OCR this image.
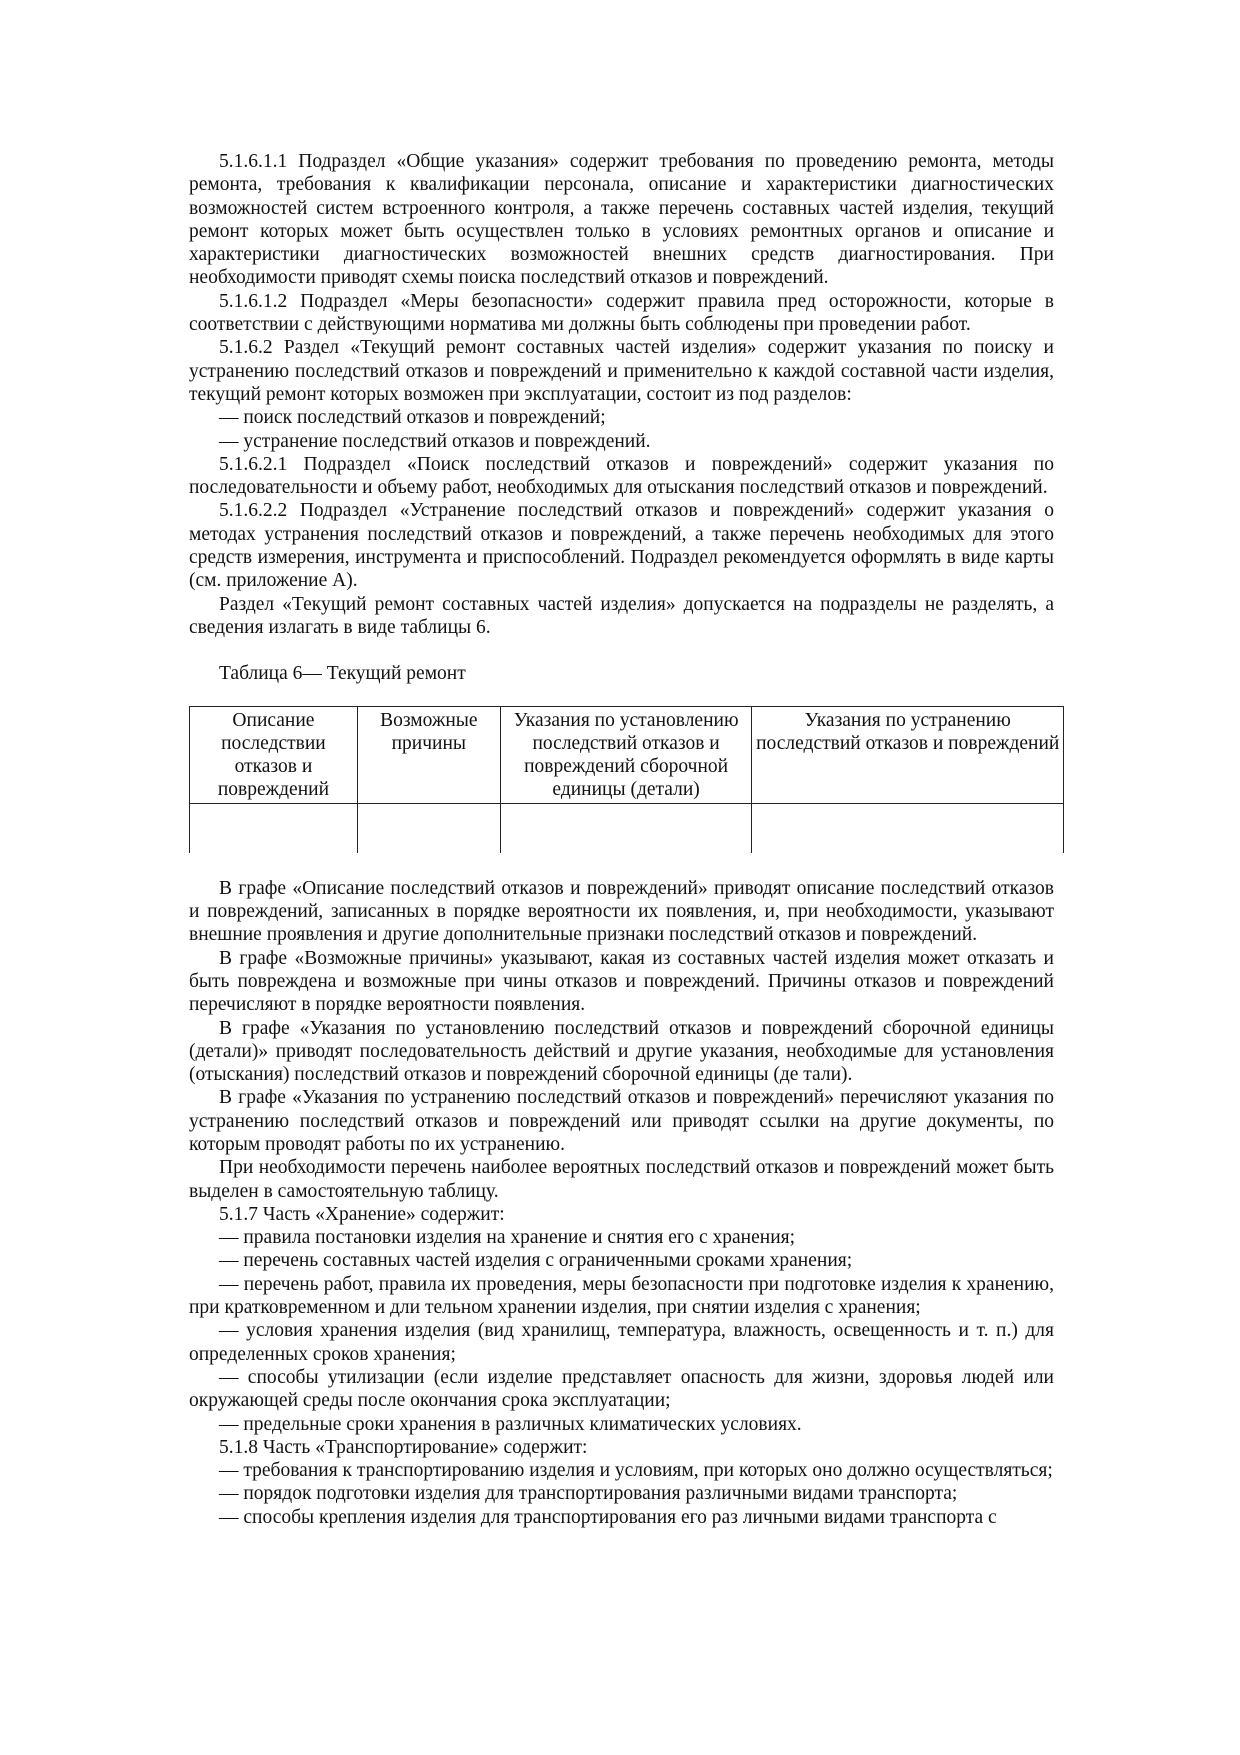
5.1.6.1.1 Подраздел «Общие указания» содержит требования по проведению ремонта, методы ремонта, требования к квалификации персонала, описание и характеристики диагностических возможностей систем встроенного контроля, а также перечень составных частей изделия, текущий ремонт которых может быть осуществлен только в условиях ремонтных органов и описание и характеристики диагностических возможностей внешних средств диагностирования. При необходимости приводят схемы поиска последствий отказов и повреждений.

5.1.6.1.2 Подраздел «Меры безопасности» содержит правила пред осторожности, которые в соответствии с действующими норматива ми должны быть соблюдены при проведении работ.

5.1.6.2 Раздел «Текущий ремонт составных частей изделия» содержит указания по поиску и устранению последствий отказов и повреждений и применительно к каждой составной части изделия, текущий ремонт которых возможен при эксплуатации, состоит из под разделов:

— поиск последствий отказов и повреждений;

— устранение последствий отказов и повреждений.

5.1.6.2.1 Подраздел «Поиск последствий отказов и повреждений» содержит указания по последовательности и объему работ, необходимых для отыскания последствий отказов и повреждений.

5.1.6.2.2 Подраздел «Устранение последствий отказов и повреждений» содержит указания о методах устранения последствий отказов и повреждений, а также перечень необходимых для этого средств измерения, инструмента и приспособлений. Подраздел рекомендуется оформлять в виде карты (см. приложение А).

Раздел «Текущий ремонт составных частей изделия» допускается на подразделы не разделять, а сведения излагать в виде таблицы 6.

Таблица 6— Текущий ремонт

Описание последствии отказов и повреждений	Возможные причины	Указания по установлению последствий отказов и повреждений сборочной единицы (детали)	Указания по устранению последствий отказов и повреждений

В графе «Описание последствий отказов и повреждений» приводят описание последствий отказов и повреждений, записанных в порядке вероятности их появления, и, при необходимости, указывают внешние проявления и другие дополнительные признаки последствий отказов и повреждений.

В графе «Возможные причины» указывают, какая из составных частей изделия может отказать и быть повреждена и возможные при чины отказов и повреждений. Причины отказов и повреждений перечисляют в порядке вероятности появления.

В графе «Указания по установлению последствий отказов и повреждений сборочной единицы (детали)» приводят последовательность действий и другие указания, необходимые для установления (отыскания) последствий отказов и повреждений сборочной единицы (де тали).

В графе «Указания по устранению последствий отказов и повреждений» перечисляют указания по устранению последствий отказов и повреждений или приводят ссылки на другие документы, по которым проводят работы по их устранению.

При необходимости перечень наиболее вероятных последствий отказов и повреждений может быть выделен в самостоятельную таблицу.

5.1.7 Часть «Хранение» содержит:

— правила постановки изделия на хранение и снятия его с хранения;

— перечень составных частей изделия с ограниченными сроками хранения;

— перечень работ, правила их проведения, меры безопасности при подготовке изделия к хранению, при кратковременном и дли тельном хранении изделия, при снятии изделия с хранения;

— условия хранения изделия (вид хранилищ, температура, влажность, освещенность и т. п.) для определенных сроков хранения;

— способы утилизации (если изделие представляет опасность для жизни, здоровья людей или окружающей среды после окончания срока эксплуатации;

— предельные сроки хранения в различных климатических условиях.

5.1.8 Часть «Транспортирование» содержит:

— требования к транспортированию изделия и условиям, при которых оно должно осуществляться;

— порядок подготовки изделия для транспортирования различными видами транспорта;

— способы крепления изделия для транспортирования его раз личными видами транспорта с
